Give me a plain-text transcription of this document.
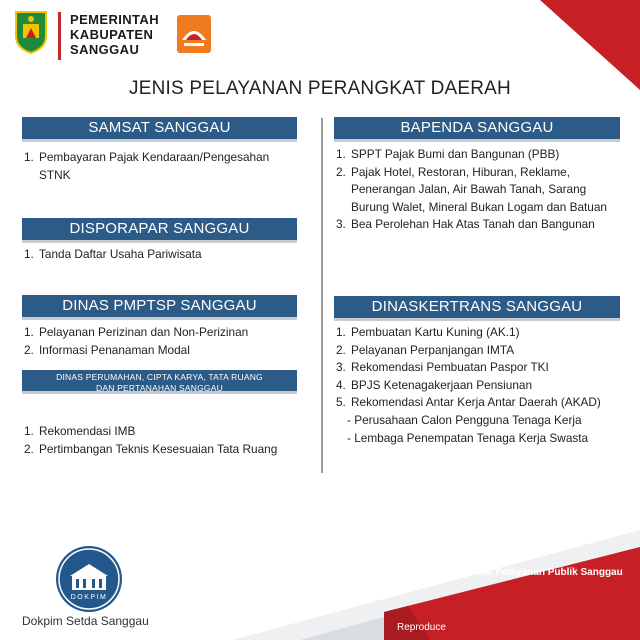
PEMERINTAH
KABUPATEN
SANGGAU
JENIS PELAYANAN PERANGKAT DAERAH
SAMSAT SANGGAU
1. Pembayaran Pajak Kendaraan/Pengesahan
STNK
DISPORAPAR SANGGAU
1. Tanda Daftar Usaha Pariwisata
DINAS PMPTSP SANGGAU
1. Pelayanan Perizinan dan Non-Perizinan
2. Informasi Penanaman Modal
DINAS PERUMAHAN, CIPTA KARYA, TATA RUANG
DAN PERTANAHAN SANGGAU
1. Rekomendasi IMB
2. Pertimbangan Teknis Kesesuaian Tata Ruang
BAPENDA SANGGAU
1. SPPT Pajak Bumi dan Bangunan (PBB)
2. Pajak Hotel, Restoran, Hiburan, Reklame,
Penerangan Jalan, Air Bawah Tanah, Sarang
Burung Walet, Mineral Bukan Logam dan Batuan
3. Bea Perolehan Hak Atas Tanah dan Bangunan
DINASKERTRANS SANGGAU
1. Pembuatan Kartu Kuning (AK.1)
2. Pelayanan Perpanjangan IMTA
3. Rekomendasi Pembuatan Paspor TKI
4. BPJS Ketenagakerjaan Pensiunan
5. Rekomendasi Antar Kerja Antar Daerah (AKAD)
- Perusahaan Calon Pengguna Tenaga Kerja
- Lembaga Penempatan Tenaga Kerja Swasta
DOKPIM
Dokpim Setda Sanggau
Source: Mal Pelayanan Publik Sanggau
Reproduce
